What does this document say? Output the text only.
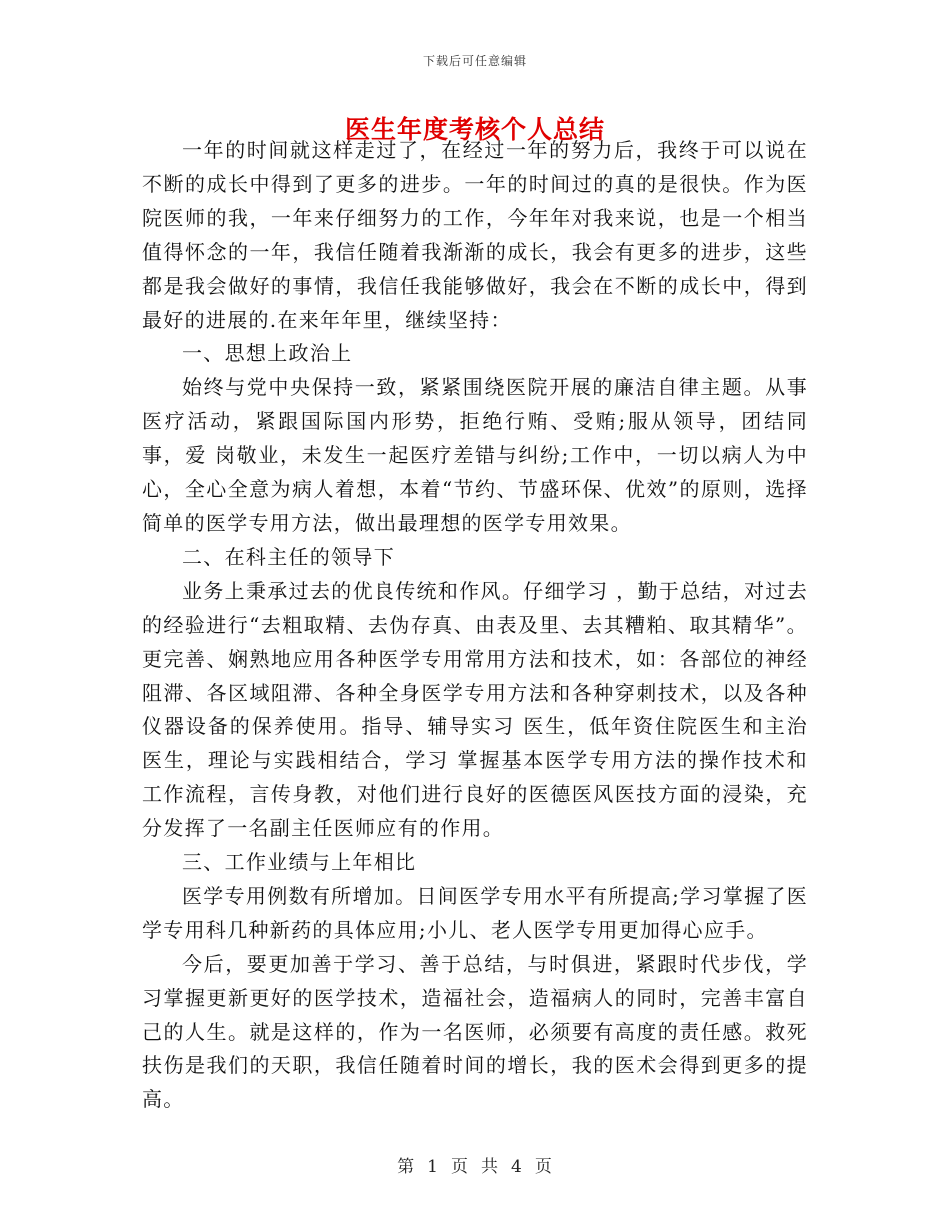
下载后可任意编辑
医生年度考核个人总结

一年的时间就这样走过了，在经过一年的努力后，我终于可以说在不断的成长中得到了更多的进步。一年的时间过的真的是很快。作为医院医师的我，一年来仔细努力的工作，今年年对我来说，也是一个相当值得怀念的一年，我信任随着我渐渐的成长，我会有更多的进步，这些都是我会做好的事情，我信任我能够做好，我会在不断的成长中，得到最好的进展的.在来年年里，继续坚持：

一、思想上政治上

始终与党中央保持一致，紧紧围绕医院开展的廉洁自律主题。从事医疗活动，紧跟国际国内形势，拒绝行贿、受贿;服从领导，团结同事，爱 岗敬业，未发生一起医疗差错与纠纷;工作中，一切以病人为中心，全心全意为病人着想，本着“节约、节盛环保、优效”的原则，选择简单的医学专用方法，做出最理想的医学专用效果。

二、在科主任的领导下

业务上秉承过去的优良传统和作风。仔细学习 ，勤于总结，对过去的经验进行“去粗取精、去伪存真、由表及里、去其糟粕、取其精华”。更完善、娴熟地应用各种医学专用常用方法和技术，如：各部位的神经阻滞、各区域阻滞、各种全身医学专用方法和各种穿刺技术，以及各种仪器设备的保养使用。指导、辅导实习 医生，低年资住院医生和主治医生，理论与实践相结合，学习 掌握基本医学专用方法的操作技术和工作流程，言传身教，对他们进行良好的医德医风医技方面的浸染，充分发挥了一名副主任医师应有的作用。

三、工作业绩与上年相比

医学专用例数有所增加。日间医学专用水平有所提高;学习掌握了医学专用科几种新药的具体应用;小儿、老人医学专用更加得心应手。

今后，要更加善于学习、善于总结，与时俱进，紧跟时代步伐，学习掌握更新更好的医学技术，造福社会，造福病人的同时，完善丰富自己的人生。就是这样的，作为一名医师，必须要有高度的责任感。救死扶伤是我们的天职，我信任随着时间的增长，我的医术会得到更多的提高。

第 1 页 共 4 页
